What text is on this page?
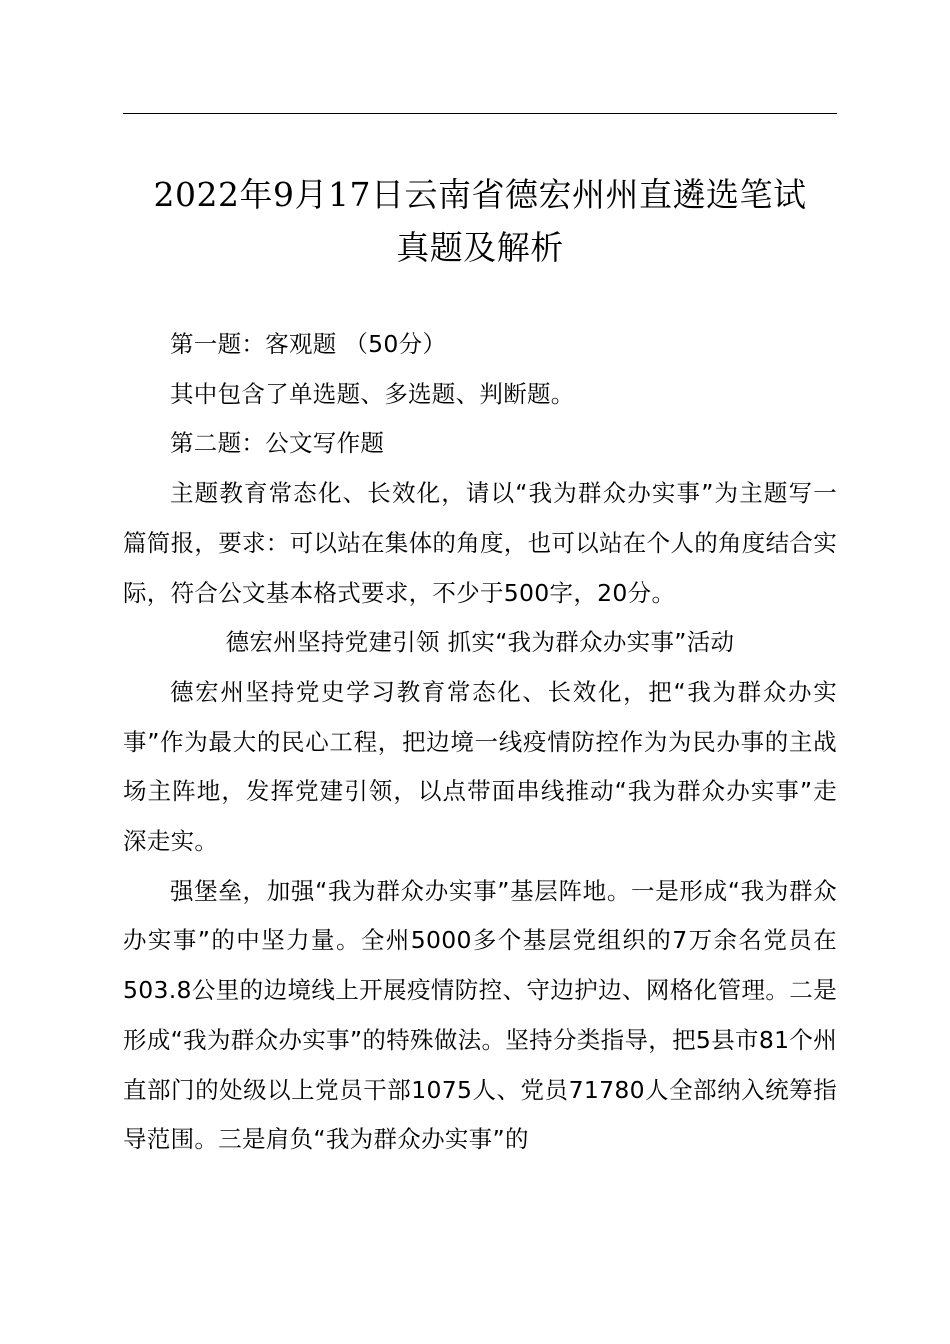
2022年9月17日云南省德宏州州直遴选笔试
真题及解析

第一题：客观题 （50分）

其中包含了单选题、多选题、判断题。

第二题：公文写作题

主题教育常态化、长效化，请以“我为群众办实事”为主题写一篇简报，要求：可以站在集体的角度，也可以站在个人的角度结合实际，符合公文基本格式要求，不少于500字，20分。

德宏州坚持党建引领 抓实“我为群众办实事”活动

德宏州坚持党史学习教育常态化、长效化，把“我为群众办实事”作为最大的民心工程，把边境一线疫情防控作为为民办事的主战场主阵地，发挥党建引领，以点带面串线推动“我为群众办实事”走深走实。

强堡垒，加强“我为群众办实事”基层阵地。一是形成“我为群众办实事”的中坚力量。全州5000多个基层党组织的7万余名党员在503.8公里的边境线上开展疫情防控、守边护边、网格化管理。二是形成“我为群众办实事”的特殊做法。坚持分类指导，把5县市81个州直部门的处级以上党员干部1075人、党员71780人全部纳入统筹指导范围。三是肩负“我为群众办实事”的
